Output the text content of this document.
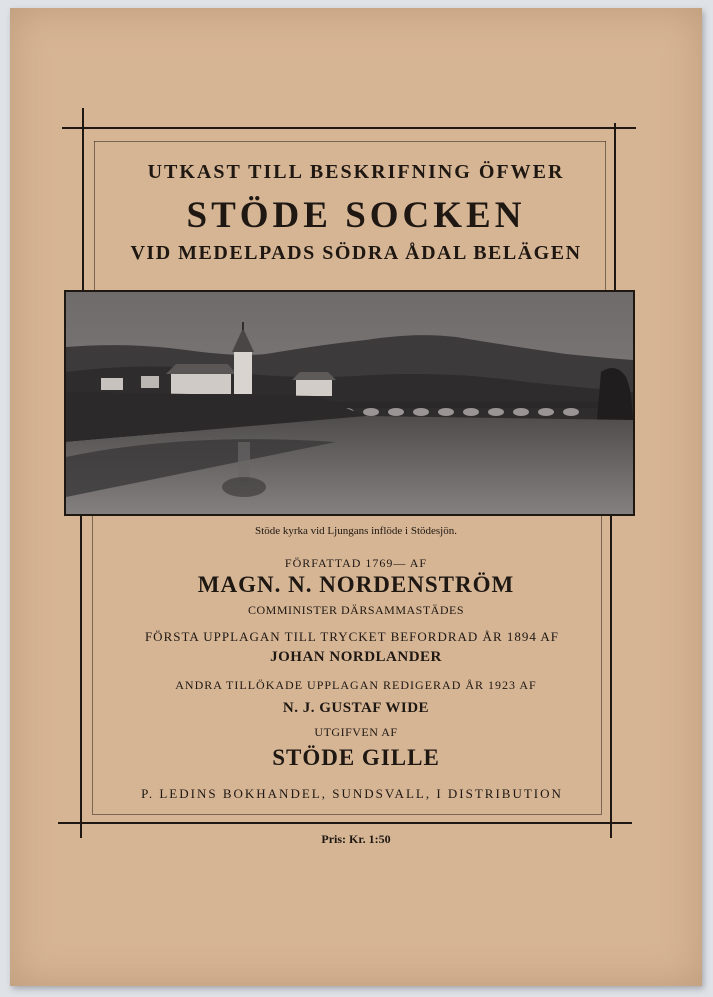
UTKAST TILL BESKRIFNING ÖFWER
STÖDE SOCKEN
VID MEDELPADS SÖDRA ÅDAL BELÄGEN
Stöde kyrka vid Ljungans inflöde i Stödesjön.
FÖRFATTAD 1769— AF
MAGN. N. NORDENSTRÖM
COMMINISTER DÄRSAMMASTÄDES
FÖRSTA UPPLAGAN TILL TRYCKET BEFORDRAD ÅR 1894 AF
JOHAN NORDLANDER
ANDRA TILLÖKADE UPPLAGAN REDIGERAD ÅR 1923 AF
N. J. GUSTAF WIDE
UTGIFVEN AF
STÖDE GILLE
P. LEDINS BOKHANDEL, SUNDSVALL, I DISTRIBUTION
Pris: Kr. 1:50
